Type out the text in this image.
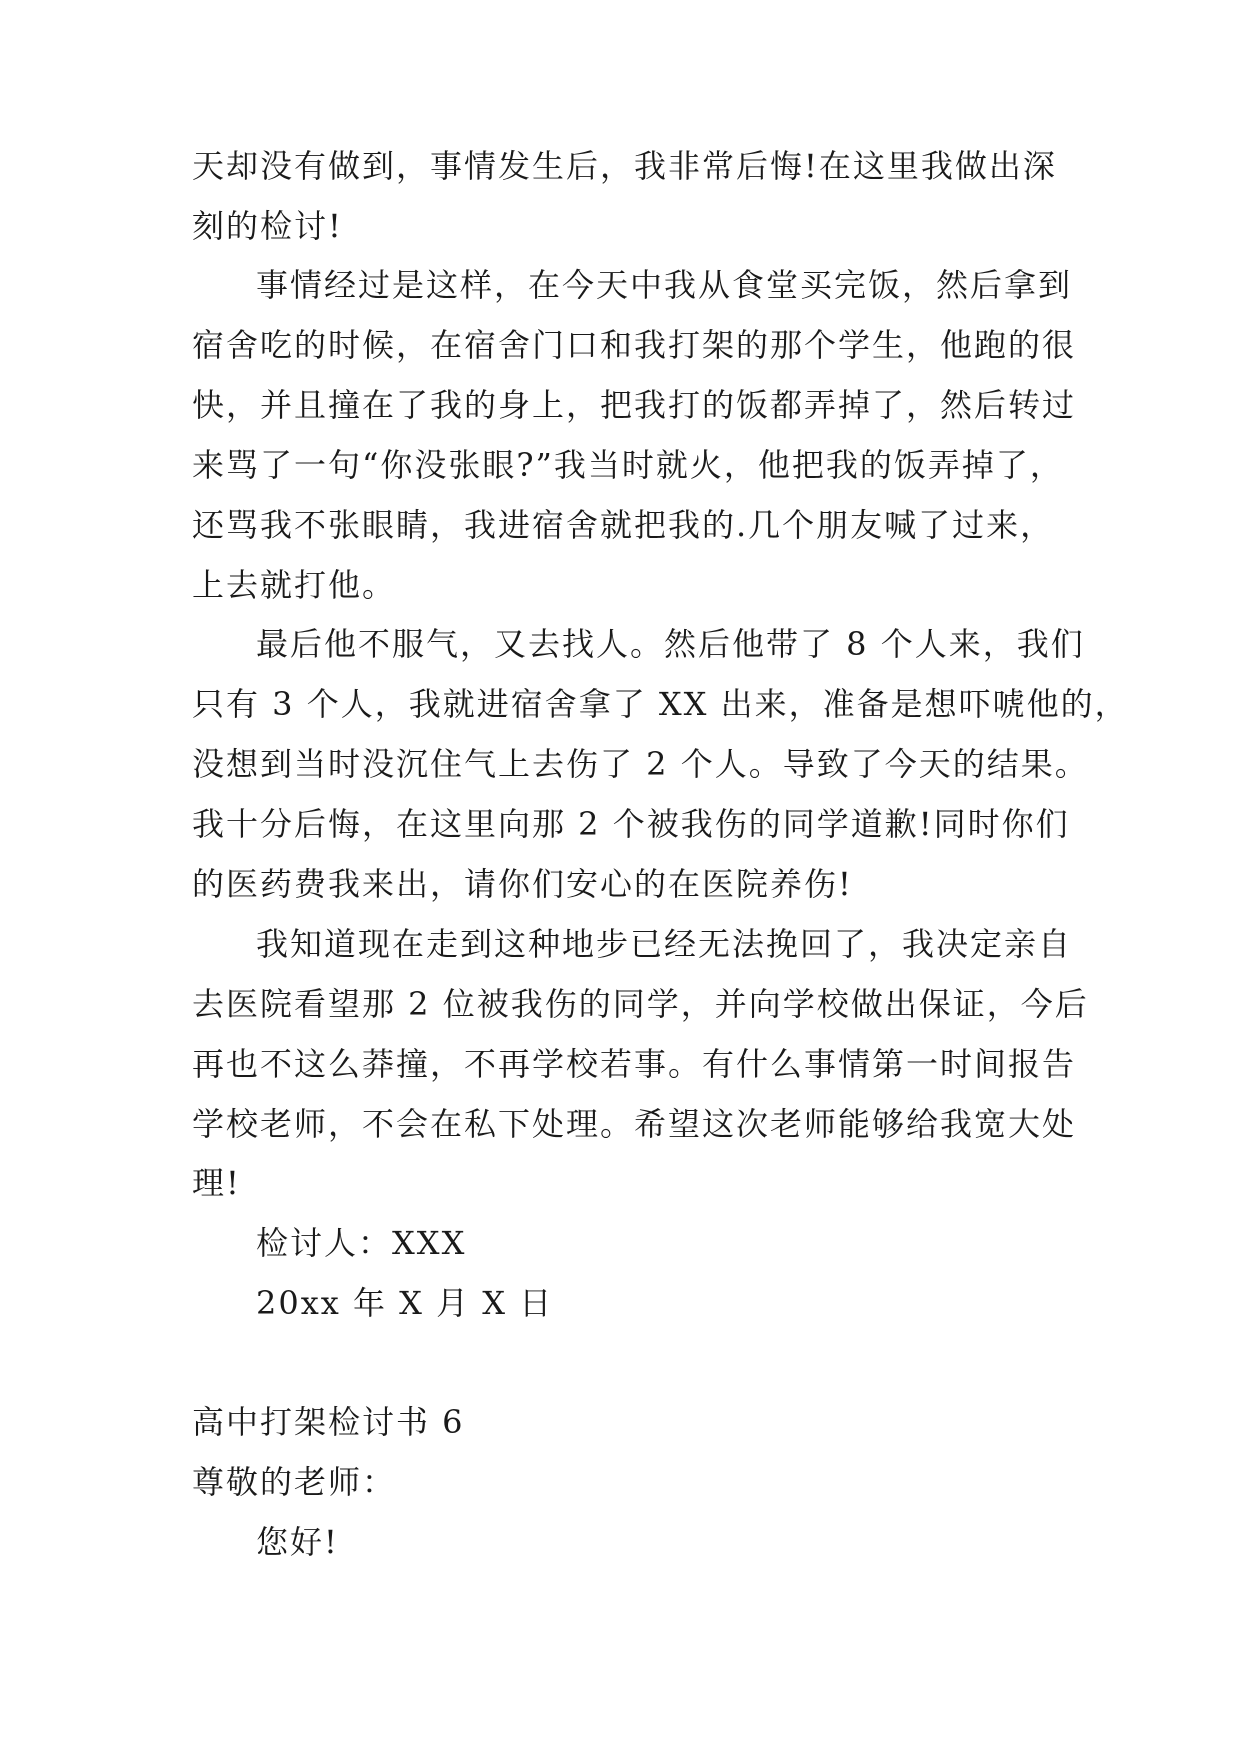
天却没有做到，事情发生后，我非常后悔!在这里我做出深
刻的检讨!
事情经过是这样，在今天中我从食堂买完饭，然后拿到
宿舍吃的时候，在宿舍门口和我打架的那个学生，他跑的很
快，并且撞在了我的身上，把我打的饭都弄掉了，然后转过
来骂了一句“你没张眼?”我当时就火，他把我的饭弄掉了，
还骂我不张眼睛，我进宿舍就把我的.几个朋友喊了过来，
上去就打他。
最后他不服气，又去找人。然后他带了 8 个人来，我们
只有 3 个人，我就进宿舍拿了 XX 出来，准备是想吓唬他的，
没想到当时没沉住气上去伤了 2 个人。导致了今天的结果。
我十分后悔，在这里向那 2 个被我伤的同学道歉!同时你们
的医药费我来出，请你们安心的在医院养伤!
我知道现在走到这种地步已经无法挽回了，我决定亲自
去医院看望那 2 位被我伤的同学，并向学校做出保证，今后
再也不这么莽撞，不再学校若事。有什么事情第一时间报告
学校老师，不会在私下处理。希望这次老师能够给我宽大处
理!
检讨人：XXX
20xx 年 X 月 X 日
高中打架检讨书 6
尊敬的老师：
您好!
